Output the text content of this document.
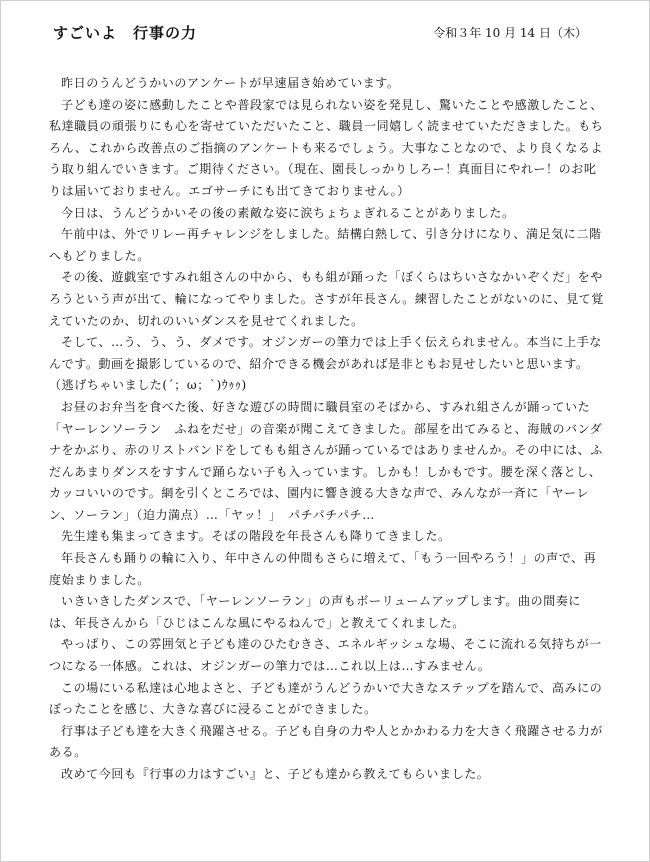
すごいよ　行事の力	令和３年 10 月 14 日（木）

昨日のうんどうかいのアンケートが早速届き始めています。

子ども達の姿に感動したことや普段家では見られない姿を発見し、驚いたことや感激したこと、私達職員の頑張りにも心を寄せていただいたこと、職員一同嬉しく読ませていただきました。もちろん、これから改善点のご指摘のアンケートも来るでしょう。大事なことなので、より良くなるよう取り組んでいきます。ご期待ください。（現在、園長しっかりしろー！真面目にやれー！のお叱りは届いておりません。エゴサーチにも出てきておりません。）

今日は、うんどうかいその後の素敵な姿に涙ちょちょぎれることがありました。

午前中は、外でリレー再チャレンジをしました。結構白熱して、引き分けになり、満足気に二階へもどりました。

その後、遊戯室ですみれ組さんの中から、もも組が踊った「ぼくらはちいさなかいぞくだ」をやろうという声が出て、輪になってやりました。さすが年長さん。練習したことがないのに、見て覚えていたのか、切れのいいダンスを見せてくれました。

そして、…う、う、う、ダメです。オジンガーの筆力では上手く伝えられません。本当に上手なんです。動画を撮影しているので、紹介できる機会があれば是非ともお見せしたいと思います。（逃げちゃいました(´；ω；`)ｳｩｩ)

お昼のお弁当を食べた後、好きな遊びの時間に職員室のそばから、すみれ組さんが踊っていた「ヤーレンソーラン　ふねをだせ」の音楽が聞こえてきました。部屋を出てみると、海賊のバンダナをかぶり、赤のリストバンドをしてもも組さんが踊っているではありませんか。その中には、ふだんあまりダンスをすすんで踊らない子も入っています。しかも！しかもです。腰を深く落とし、カッコいいのです。網を引くところでは、園内に響き渡る大きな声で、みんなが一斉に「ヤーレン、ソーラン」（迫力満点）…「ヤッ！」　パチパチパチ…

先生達も集まってきます。そばの階段を年長さんも降りてきました。

年長さんも踊りの輪に入り、年中さんの仲間もさらに増えて、「もう一回やろう！」の声で、再度始まりました。

いきいきしたダンスで、「ヤーレンソーラン」の声もボーリュームアップします。曲の間奏には、年長さんから「ひじはこんな風にやるねんで」と教えてくれました。

やっぱり、この雰囲気と子ども達のひたむきさ、エネルギッシュな場、そこに流れる気持ちが一つになる一体感。これは、オジンガーの筆力では…これ以上は…すみません。

この場にいる私達は心地よさと、子ども達がうんどうかいで大きなステップを踏んで、高みにのぼったことを感じ、大きな喜びに浸ることができました。

行事は子ども達を大きく飛躍させる。子ども自身の力や人とかかわる力を大きく飛躍させる力がある。

改めて今回も『行事の力はすごい』と、子ども達から教えてもらいました。
